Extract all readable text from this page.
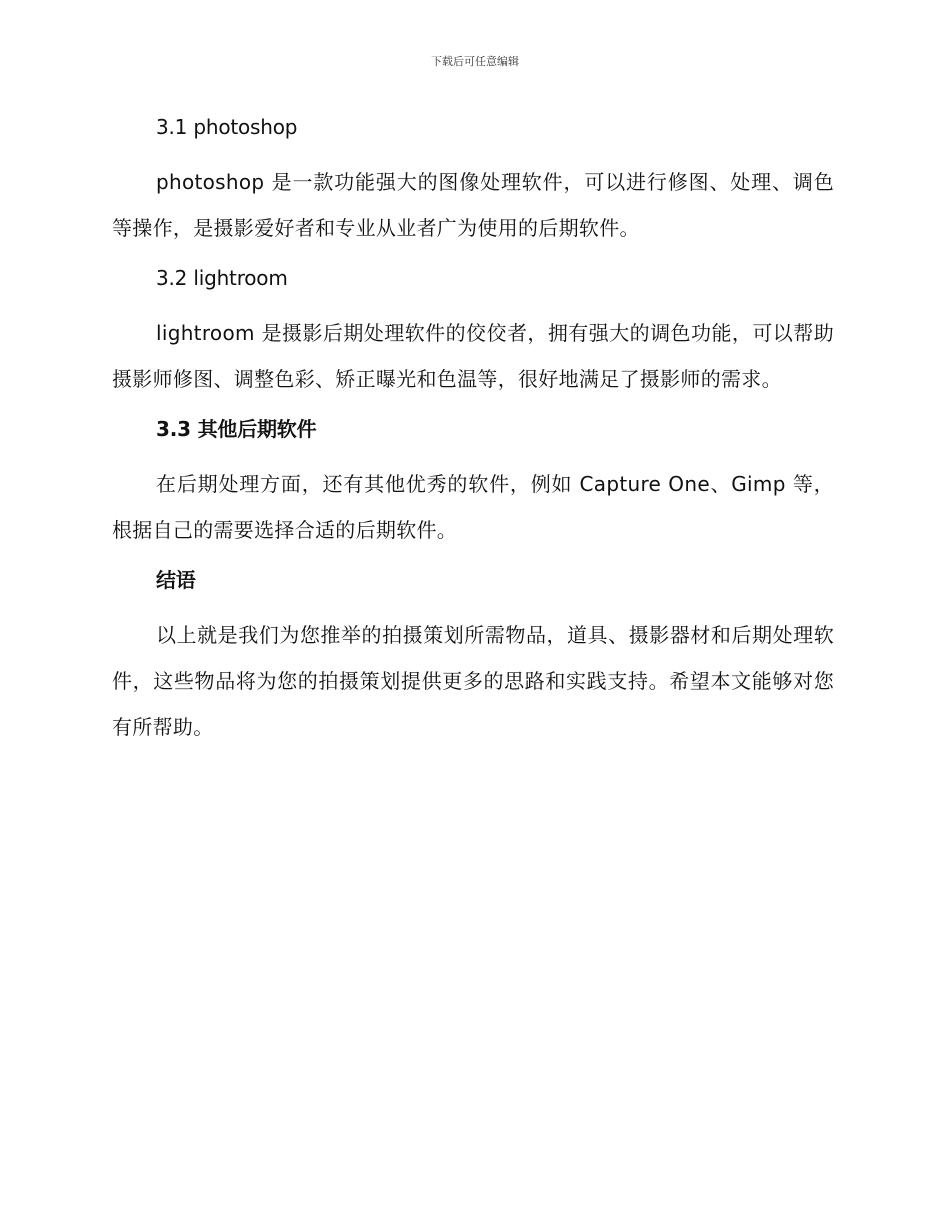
下载后可任意编辑
3.1 photoshop

photoshop 是一款功能强大的图像处理软件，可以进行修图、处理、调色等操作，是摄影爱好者和专业从业者广为使用的后期软件。

3.2 lightroom

lightroom 是摄影后期处理软件的佼佼者，拥有强大的调色功能，可以帮助摄影师修图、调整色彩、矫正曝光和色温等，很好地满足了摄影师的需求。

3.3 其他后期软件

在后期处理方面，还有其他优秀的软件，例如 Capture One、Gimp 等，根据自己的需要选择合适的后期软件。

结语

以上就是我们为您推举的拍摄策划所需物品，道具、摄影器材和后期处理软件，这些物品将为您的拍摄策划提供更多的思路和实践支持。希望本文能够对您有所帮助。
